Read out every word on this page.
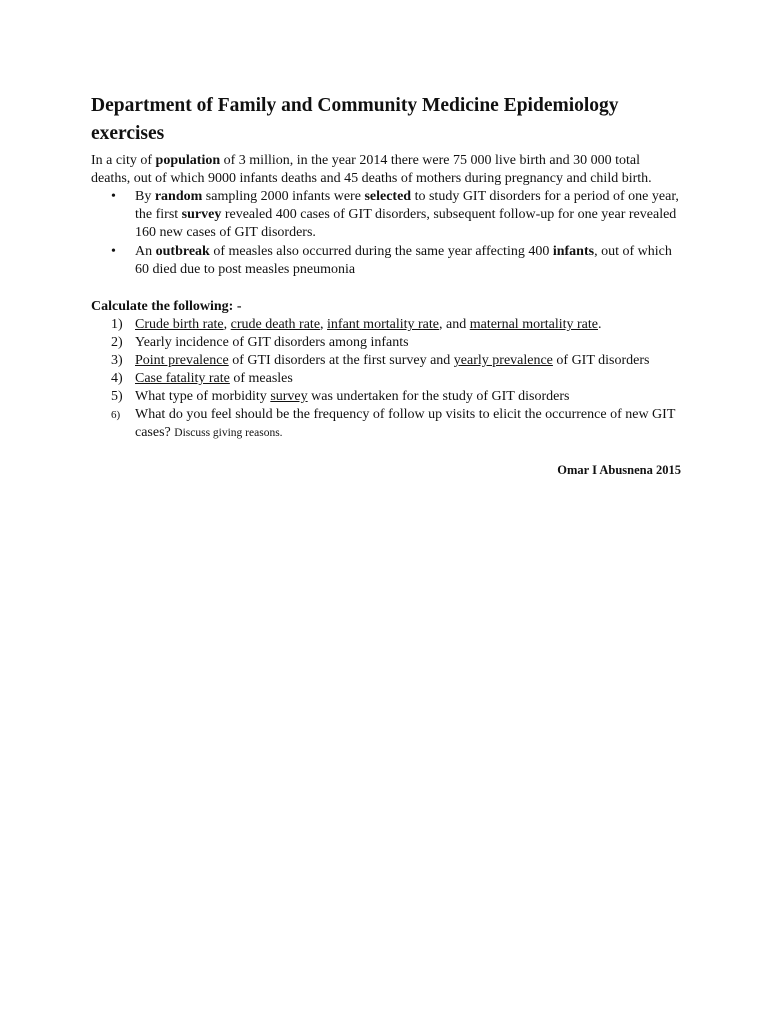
Department of Family and Community Medicine Epidemiology exercises

In a city of population of 3 million, in the year 2014 there were 75 000 live birth and 30 000 total deaths, out of which 9000 infants deaths and 45 deaths of mothers during pregnancy and child birth.

• By random sampling 2000 infants were selected to study GIT disorders for a period of one year, the first survey revealed 400 cases of GIT disorders, subsequent follow-up for one year revealed 160 new cases of GIT disorders.
• An outbreak of measles also occurred during the same year affecting 400 infants, out of which 60 died due to post measles pneumonia

Calculate the following: -

1) Crude birth rate, crude death rate, infant mortality rate, and maternal mortality rate.
2) Yearly incidence of GIT disorders among infants
3) Point prevalence of GTI disorders at the first survey and yearly prevalence of GIT disorders
4) Case fatality rate of measles
5) What type of morbidity survey was undertaken for the study of GIT disorders
6) What do you feel should be the frequency of follow up visits to elicit the occurrence of new GIT cases? Discuss giving reasons.
Omar I Abusnena 2015
